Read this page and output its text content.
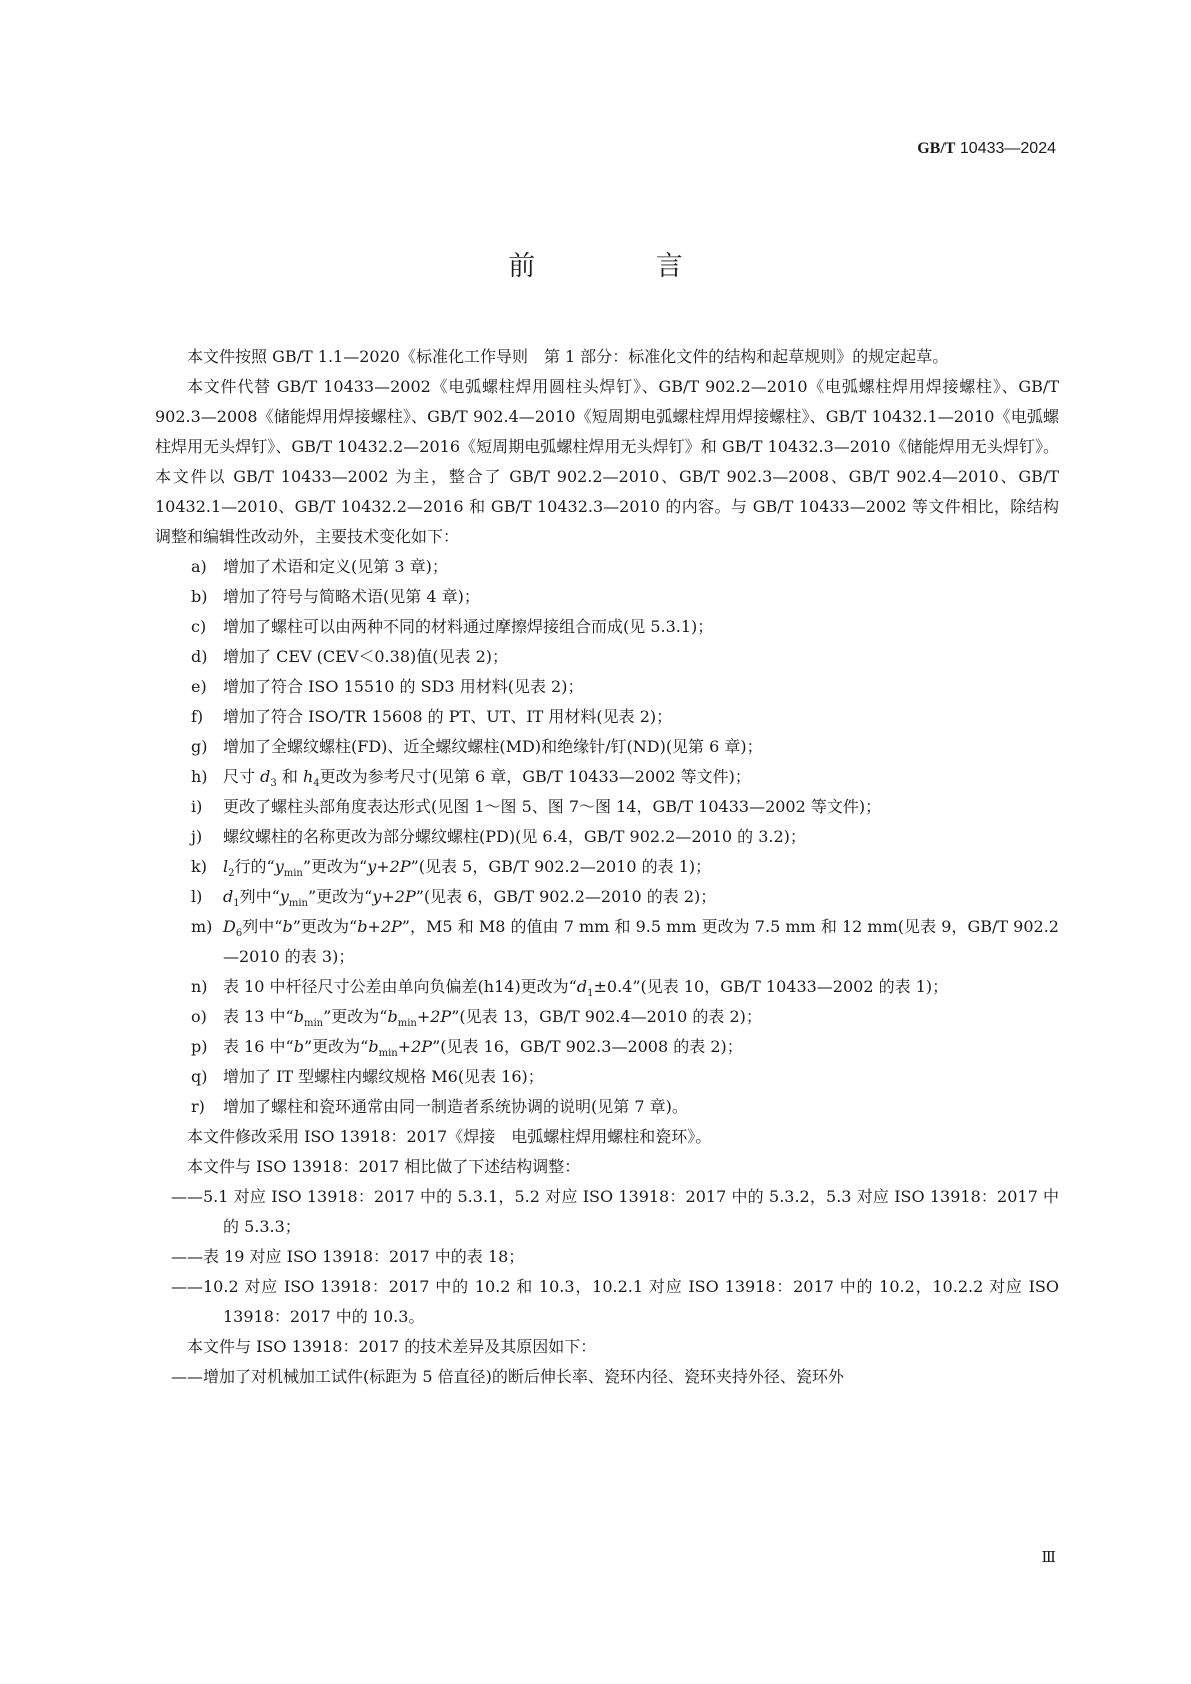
GB/T 10433—2024
前 言

本文件按照 GB/T 1.1—2020《标准化工作导则　第 1 部分：标准化文件的结构和起草规则》的规定起草。

本文件代替 GB/T 10433—2002《电弧螺柱焊用圆柱头焊钉》、GB/T 902.2—2010《电弧螺柱焊用焊接螺柱》、GB/T 902.3—2008《储能焊用焊接螺柱》、GB/T 902.4—2010《短周期电弧螺柱焊用焊接螺柱》、GB/T 10432.1—2010《电弧螺柱焊用无头焊钉》、GB/T 10432.2—2016《短周期电弧螺柱焊用无头焊钉》和 GB/T 10432.3—2010《储能焊用无头焊钉》。本文件以 GB/T 10433—2002 为主，整合了 GB/T 902.2—2010、GB/T 902.3—2008、GB/T 902.4—2010、GB/T 10432.1—2010、GB/T 10432.2—2016 和 GB/T 10432.3—2010 的内容。与 GB/T 10433—2002 等文件相比，除结构调整和编辑性改动外，主要技术变化如下：

a) 增加了术语和定义(见第 3 章)；

b) 增加了符号与简略术语(见第 4 章)；

c) 增加了螺柱可以由两种不同的材料通过摩擦焊接组合而成(见 5.3.1)；

d) 增加了 CEV (CEV＜0.38)值(见表 2)；

e) 增加了符合 ISO 15510 的 SD3 用材料(见表 2)；

f) 增加了符合 ISO/TR 15608 的 PT、UT、IT 用材料(见表 2)；

g) 增加了全螺纹螺柱(FD)、近全螺纹螺柱(MD)和绝缘针/钉(ND)(见第 6 章)；

h) 尺寸 $d_3$ 和 $h_4$更改为参考尺寸(见第 6 章，GB/T 10433—2002 等文件)；

i) 更改了螺柱头部角度表达形式(见图 1～图 5、图 7～图 14，GB/T 10433—2002 等文件)；

j) 螺纹螺柱的名称更改为部分螺纹螺柱(PD)(见 6.4，GB/T 902.2—2010 的 3.2)；

k) $l_2$行的“$y_{min}$”更改为“y+2P”(见表 5，GB/T 902.2—2010 的表 1)；

l) $d_1$列中“$y_{min}$”更改为“y+2P”(见表 6，GB/T 902.2—2010 的表 2)；

m) $D_6$列中“b”更改为“b+2P”，M5 和 M8 的值由 7 mm 和 9.5 mm 更改为 7.5 mm 和 12 mm(见表 9，GB/T 902.2—2010 的表 3)；

n) 表 10 中杆径尺寸公差由单向负偏差(h14)更改为“$d_1\pm 0.4$”(见表 10，GB/T 10433—2002 的表 1)；

o) 表 13 中“$b_{min}$”更改为“$b_{min}+2P$”(见表 13，GB/T 902.4—2010 的表 2)；

p) 表 16 中“b”更改为“$b_{min}+2P$”(见表 16，GB/T 902.3—2008 的表 2)；

q) 增加了 IT 型螺柱内螺纹规格 M6(见表 16)；

r) 增加了螺柱和瓷环通常由同一制造者系统协调的说明(见第 7 章)。

本文件修改采用 ISO 13918：2017《焊接　电弧螺柱焊用螺柱和瓷环》。

本文件与 ISO 13918：2017 相比做了下述结构调整：

——5.1 对应 ISO 13918：2017 中的 5.3.1，5.2 对应 ISO 13918：2017 中的 5.3.2，5.3 对应 ISO 13918：2017 中的 5.3.3；

——表 19 对应 ISO 13918：2017 中的表 18；

——10.2 对应 ISO 13918：2017 中的 10.2 和 10.3，10.2.1 对应 ISO 13918：2017 中的 10.2，10.2.2 对应 ISO 13918：2017 中的 10.3。

本文件与 ISO 13918：2017 的技术差异及其原因如下：

——增加了对机械加工试件(标距为 5 倍直径)的断后伸长率、瓷环内径、瓷环夹持外径、瓷环外

Ⅲ
